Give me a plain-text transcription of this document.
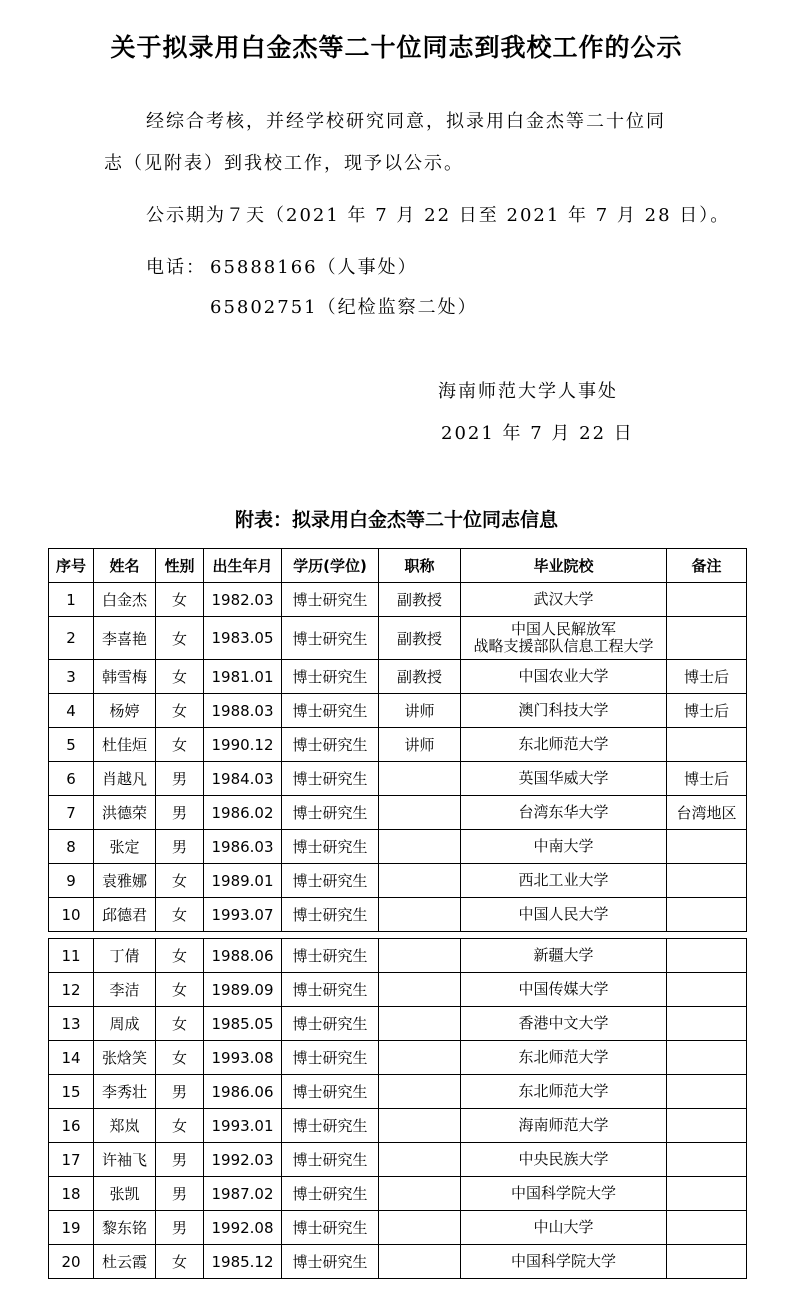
关于拟录用白金杰等二十位同志到我校工作的公示
经综合考核，并经学校研究同意，拟录用白金杰等二十位同
志（见附表）到我校工作，现予以公示。
公示期为７天（2021 年 7 月 22 日至 2021 年 7 月 28 日）。
电话： 65888166（人事处）
65802751（纪检监察二处）
海南师范大学人事处
2021 年 7 月 22 日
附表：拟录用白金杰等二十位同志信息
序号	姓名	性别	出生年月	学历(学位)	职称	毕业院校	备注
1	白金杰	女	1982.03	博士研究生	副教授	武汉大学	
2	李喜艳	女	1983.05	博士研究生	副教授	中国人民解放军
战略支援部队信息工程大学	
3	韩雪梅	女	1981.01	博士研究生	副教授	中国农业大学	博士后
4	杨婷	女	1988.03	博士研究生	讲师	澳门科技大学	博士后
5	杜佳烜	女	1990.12	博士研究生	讲师	东北师范大学	
6	肖越凡	男	1984.03	博士研究生		英国华威大学	博士后
7	洪德荣	男	1986.02	博士研究生		台湾东华大学	台湾地区
8	张定	男	1986.03	博士研究生		中南大学	
9	袁雅娜	女	1989.01	博士研究生		西北工业大学	
10	邱德君	女	1993.07	博士研究生		中国人民大学	
11	丁倩	女	1988.06	博士研究生		新疆大学	
12	李洁	女	1989.09	博士研究生		中国传媒大学	
13	周成	女	1985.05	博士研究生		香港中文大学	
14	张焓笑	女	1993.08	博士研究生		东北师范大学	
15	李秀壮	男	1986.06	博士研究生		东北师范大学	
16	郑岚	女	1993.01	博士研究生		海南师范大学	
17	许袖飞	男	1992.03	博士研究生		中央民族大学	
18	张凯	男	1987.02	博士研究生		中国科学院大学	
19	黎东铭	男	1992.08	博士研究生		中山大学	
20	杜云霞	女	1985.12	博士研究生		中国科学院大学	
